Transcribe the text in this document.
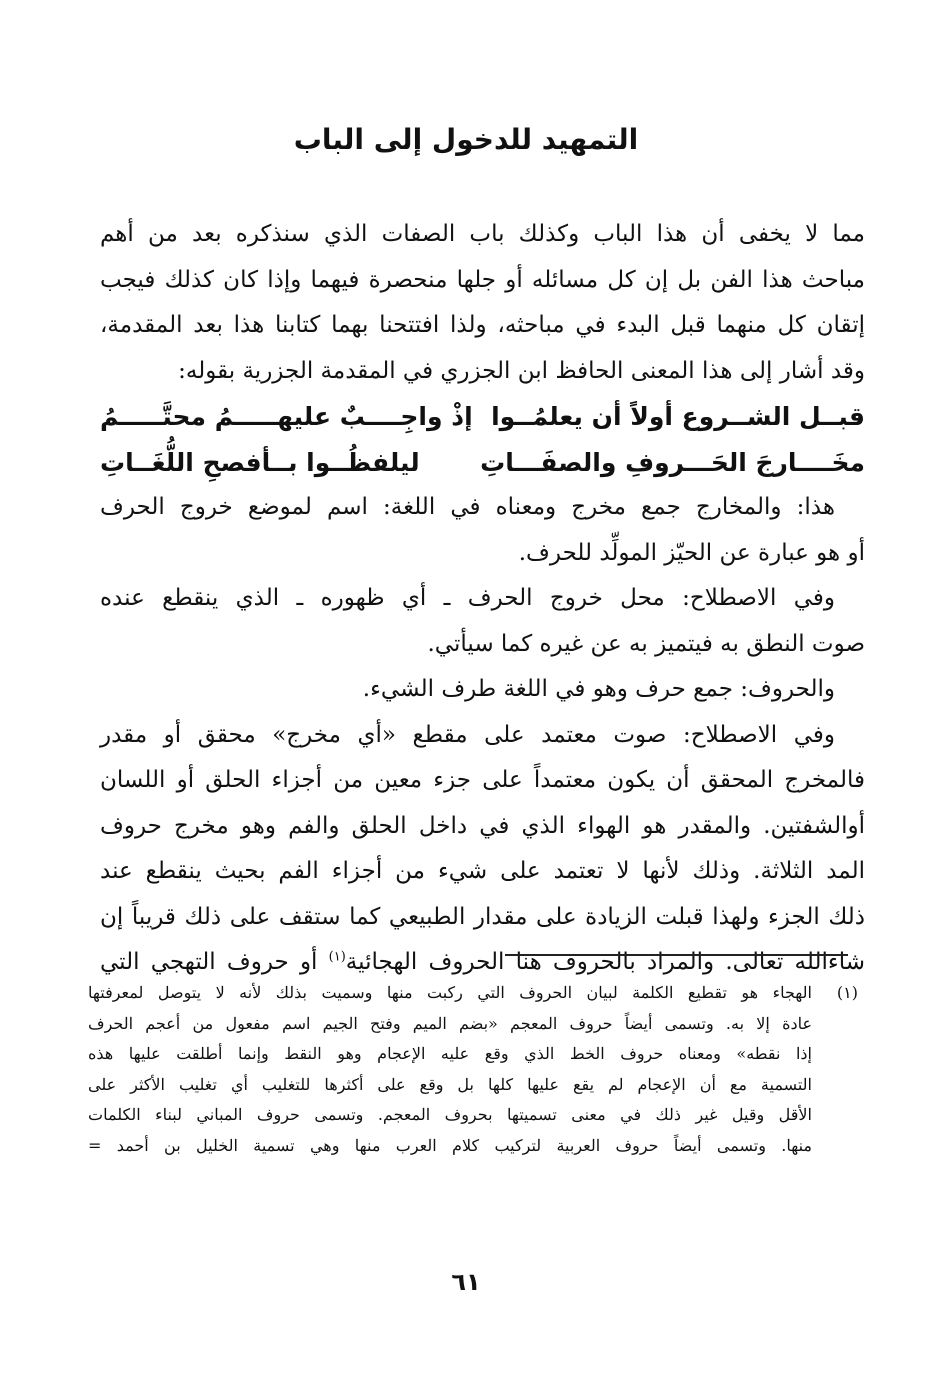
التمهيد للدخول إلى الباب

مما لا يخفى أن هذا الباب وكذلك باب الصفات الذي سنذكره بعد من أهم
مباحث هذا الفن بل إن كل مسائله أو جلها منحصرة فيهما وإذا كان كذلك فيجب
إتقان كل منهما قبل البدء في مباحثه، ولذا افتتحنا بهما كتابنا هذا بعد المقدمة،
وقد أشار إلى هذا المعنى الحافظ ابن الجزري في المقدمة الجزرية بقوله:

قبــل الشــروع أولاً أن يعلمُــوا
إذْ واجِــــبٌ عليهـــــمُ محتَّـــــمُ
مخَــــارجَ الحَـــروفِ والصفَـــاتِ
ليلفظُــوا بــأفصحِ اللُّغَــاتِ

هذا: والمخارج جمع مخرج ومعناه في اللغة: اسم لموضع خروج الحرف
أو هو عبارة عن الحيّز المولِّد للحرف.

وفي الاصطلاح: محل خروج الحرف ـ أي ظهوره ـ الذي ينقطع عنده
صوت النطق به فيتميز به عن غيره كما سيأتي.

والحروف: جمع حرف وهو في اللغة طرف الشيء.

وفي الاصطلاح: صوت معتمد على مقطع «أي مخرج» محقق أو مقدر
فالمخرج المحقق أن يكون معتمداً على جزء معين من أجزاء الحلق أو اللسان
أوالشفتين. والمقدر هو الهواء الذي في داخل الحلق والفم وهو مخرج حروف
المد الثلاثة. وذلك لأنها لا تعتمد على شيء من أجزاء الفم بحيث ينقطع عند
ذلك الجزء ولهذا قبلت الزيادة على مقدار الطبيعي كما ستقف على ذلك قريباً إن
شاءالله تعالى. والمراد بالحروف هنا الحروف الهجائية$^{(١)}$ أو حروف التهجي التي

(١)
الهجاء هو تقطيع الكلمة لبيان الحروف التي ركبت منها وسميت بذلك لأنه لا يتوصل لمعرفتها
عادة إلا به. وتسمى أيضاً حروف المعجم «بضم الميم وفتح الجيم اسم مفعول من أعجم الحرف
إذا نقطه» ومعناه حروف الخط الذي وقع عليه الإعجام وهو النقط وإنما أطلقت عليها هذه
التسمية مع أن الإعجام لم يقع عليها كلها بل وقع على أكثرها للتغليب أي تغليب الأكثر على
الأقل وقيل غير ذلك في معنى تسميتها بحروف المعجم. وتسمى حروف المباني لبناء الكلمات
منها. وتسمى أيضاً حروف العربية لتركيب كلام العرب منها وهي تسمية الخليل بن أحمد =
٦١
